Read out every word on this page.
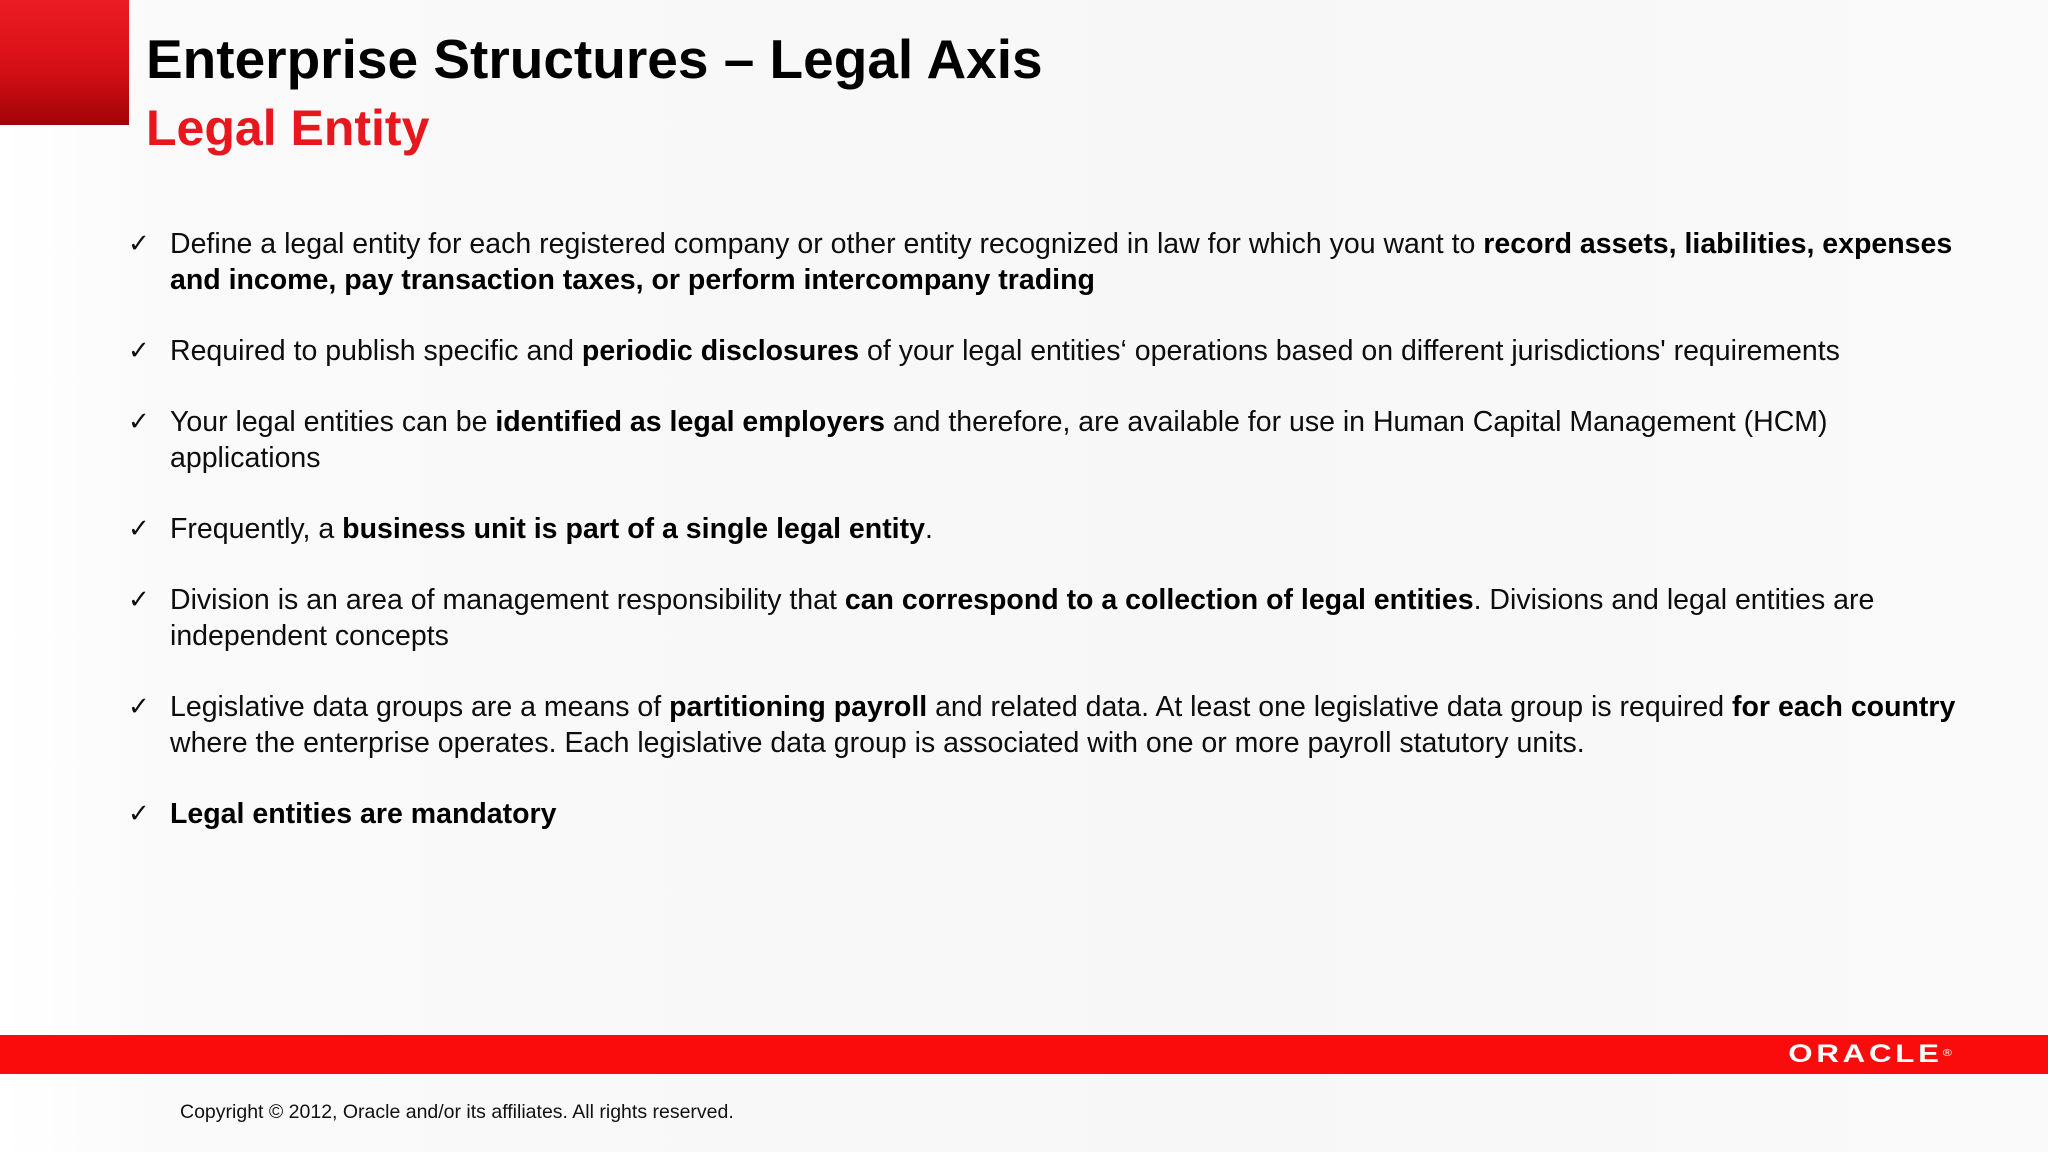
Enterprise Structures – Legal Axis
Legal Entity
✓ Define a legal entity for each registered company or other entity recognized in law for which you want to record assets, liabilities, expenses and income, pay transaction taxes, or perform intercompany trading
✓ Required to publish specific and periodic disclosures of your legal entities‘ operations based on different jurisdictions' requirements
✓ Your legal entities can be identified as legal employers and therefore, are available for use in Human Capital Management (HCM) applications
✓ Frequently, a business unit is part of a single legal entity.
✓ Division is an area of management responsibility that can correspond to a collection of legal entities. Divisions and legal entities are independent concepts
✓ Legislative data groups are a means of partitioning payroll and related data. At least one legislative data group is required for each country where the enterprise operates. Each legislative data group is associated with one or more payroll statutory units.
✓ Legal entities are mandatory
ORACLE®
Copyright © 2012, Oracle and/or its affiliates. All rights reserved.
